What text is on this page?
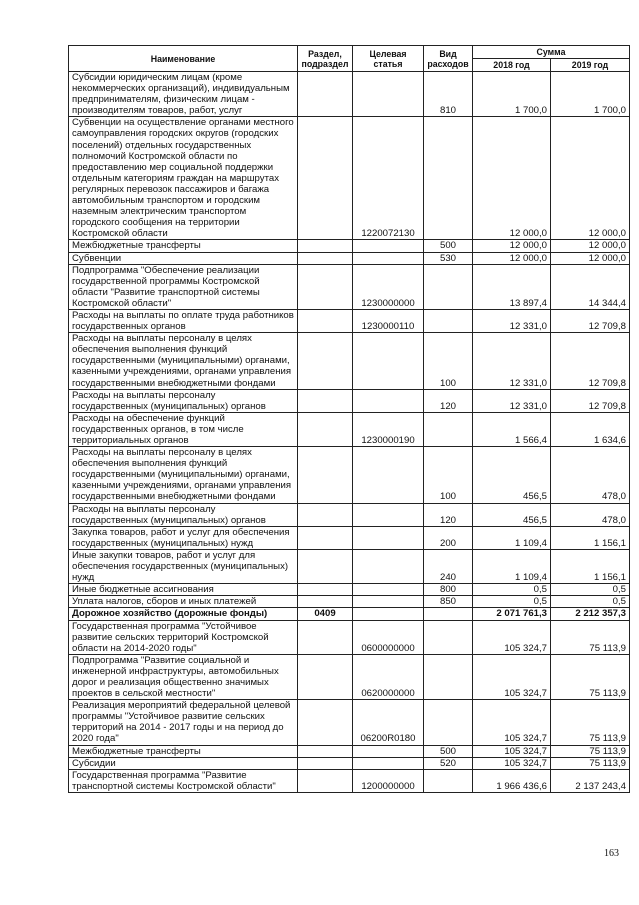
Наименование	Раздел, подраздел	Целевая статья	Вид расходов	Сумма	
				2018 год	2019 год
Субсидии юридическим лицам (кроме некоммерческих организаций), индивидуальным предпринимателям, физическим лицам - производителям товаров, работ, услуг			810	1 700,0	1 700,0
Субвенции на осуществление органами местного самоуправления городских округов (городских поселений) отдельных государственных полномочий Костромской области по предоставлению мер социальной поддержки отдельным категориям граждан на маршрутах регулярных перевозок пассажиров и багажа автомобильным транспортом и городским наземным электрическим транспортом городского сообщения на территории Костромской области		1220072130		12 000,0	12 000,0
Межбюджетные трансферты			500	12 000,0	12 000,0
Субвенции			530	12 000,0	12 000,0
Подпрограмма "Обеспечение реализации государственной программы Костромской области "Развитие транспортной системы Костромской области"		1230000000		13 897,4	14 344,4
Расходы на выплаты по оплате труда работников государственных органов		1230000110		12 331,0	12 709,8
Расходы на выплаты персоналу в целях обеспечения выполнения функций государственными (муниципальными) органами, казенными учреждениями, органами управления государственными внебюджетными фондами			100	12 331,0	12 709,8
Расходы на выплаты персоналу государственных (муниципальных) органов			120	12 331,0	12 709,8
Расходы на обеспечение функций государственных органов, в том числе территориальных органов		1230000190		1 566,4	1 634,6
Расходы на выплаты персоналу в целях обеспечения выполнения функций государственными (муниципальными) органами, казенными учреждениями, органами управления государственными внебюджетными фондами			100	456,5	478,0
Расходы на выплаты персоналу государственных (муниципальных) органов			120	456,5	478,0
Закупка товаров, работ и услуг для обеспечения государственных (муниципальных) нужд			200	1 109,4	1 156,1
Иные закупки товаров, работ и услуг для обеспечения государственных (муниципальных) нужд			240	1 109,4	1 156,1
Иные бюджетные ассигнования			800	0,5	0,5
Уплата налогов, сборов и иных платежей			850	0,5	0,5
Дорожное хозяйство (дорожные фонды)	0409			2 071 761,3	2 212 357,3
Государственная программа "Устойчивое развитие сельских территорий Костромской области на 2014-2020 годы"		0600000000		105 324,7	75 113,9
Подпрограмма "Развитие социальной и инженерной инфраструктуры, автомобильных дорог и реализация общественно значимых проектов в сельской местности"		0620000000		105 324,7	75 113,9
Реализация мероприятий федеральной целевой программы "Устойчивое развитие сельских территорий на 2014 - 2017 годы и на период до 2020 года"		06200R0180		105 324,7	75 113,9
Межбюджетные трансферты			500	105 324,7	75 113,9
Субсидии			520	105 324,7	75 113,9
Государственная программа "Развитие транспортной системы Костромской области"		1200000000		1 966 436,6	2 137 243,4
163
